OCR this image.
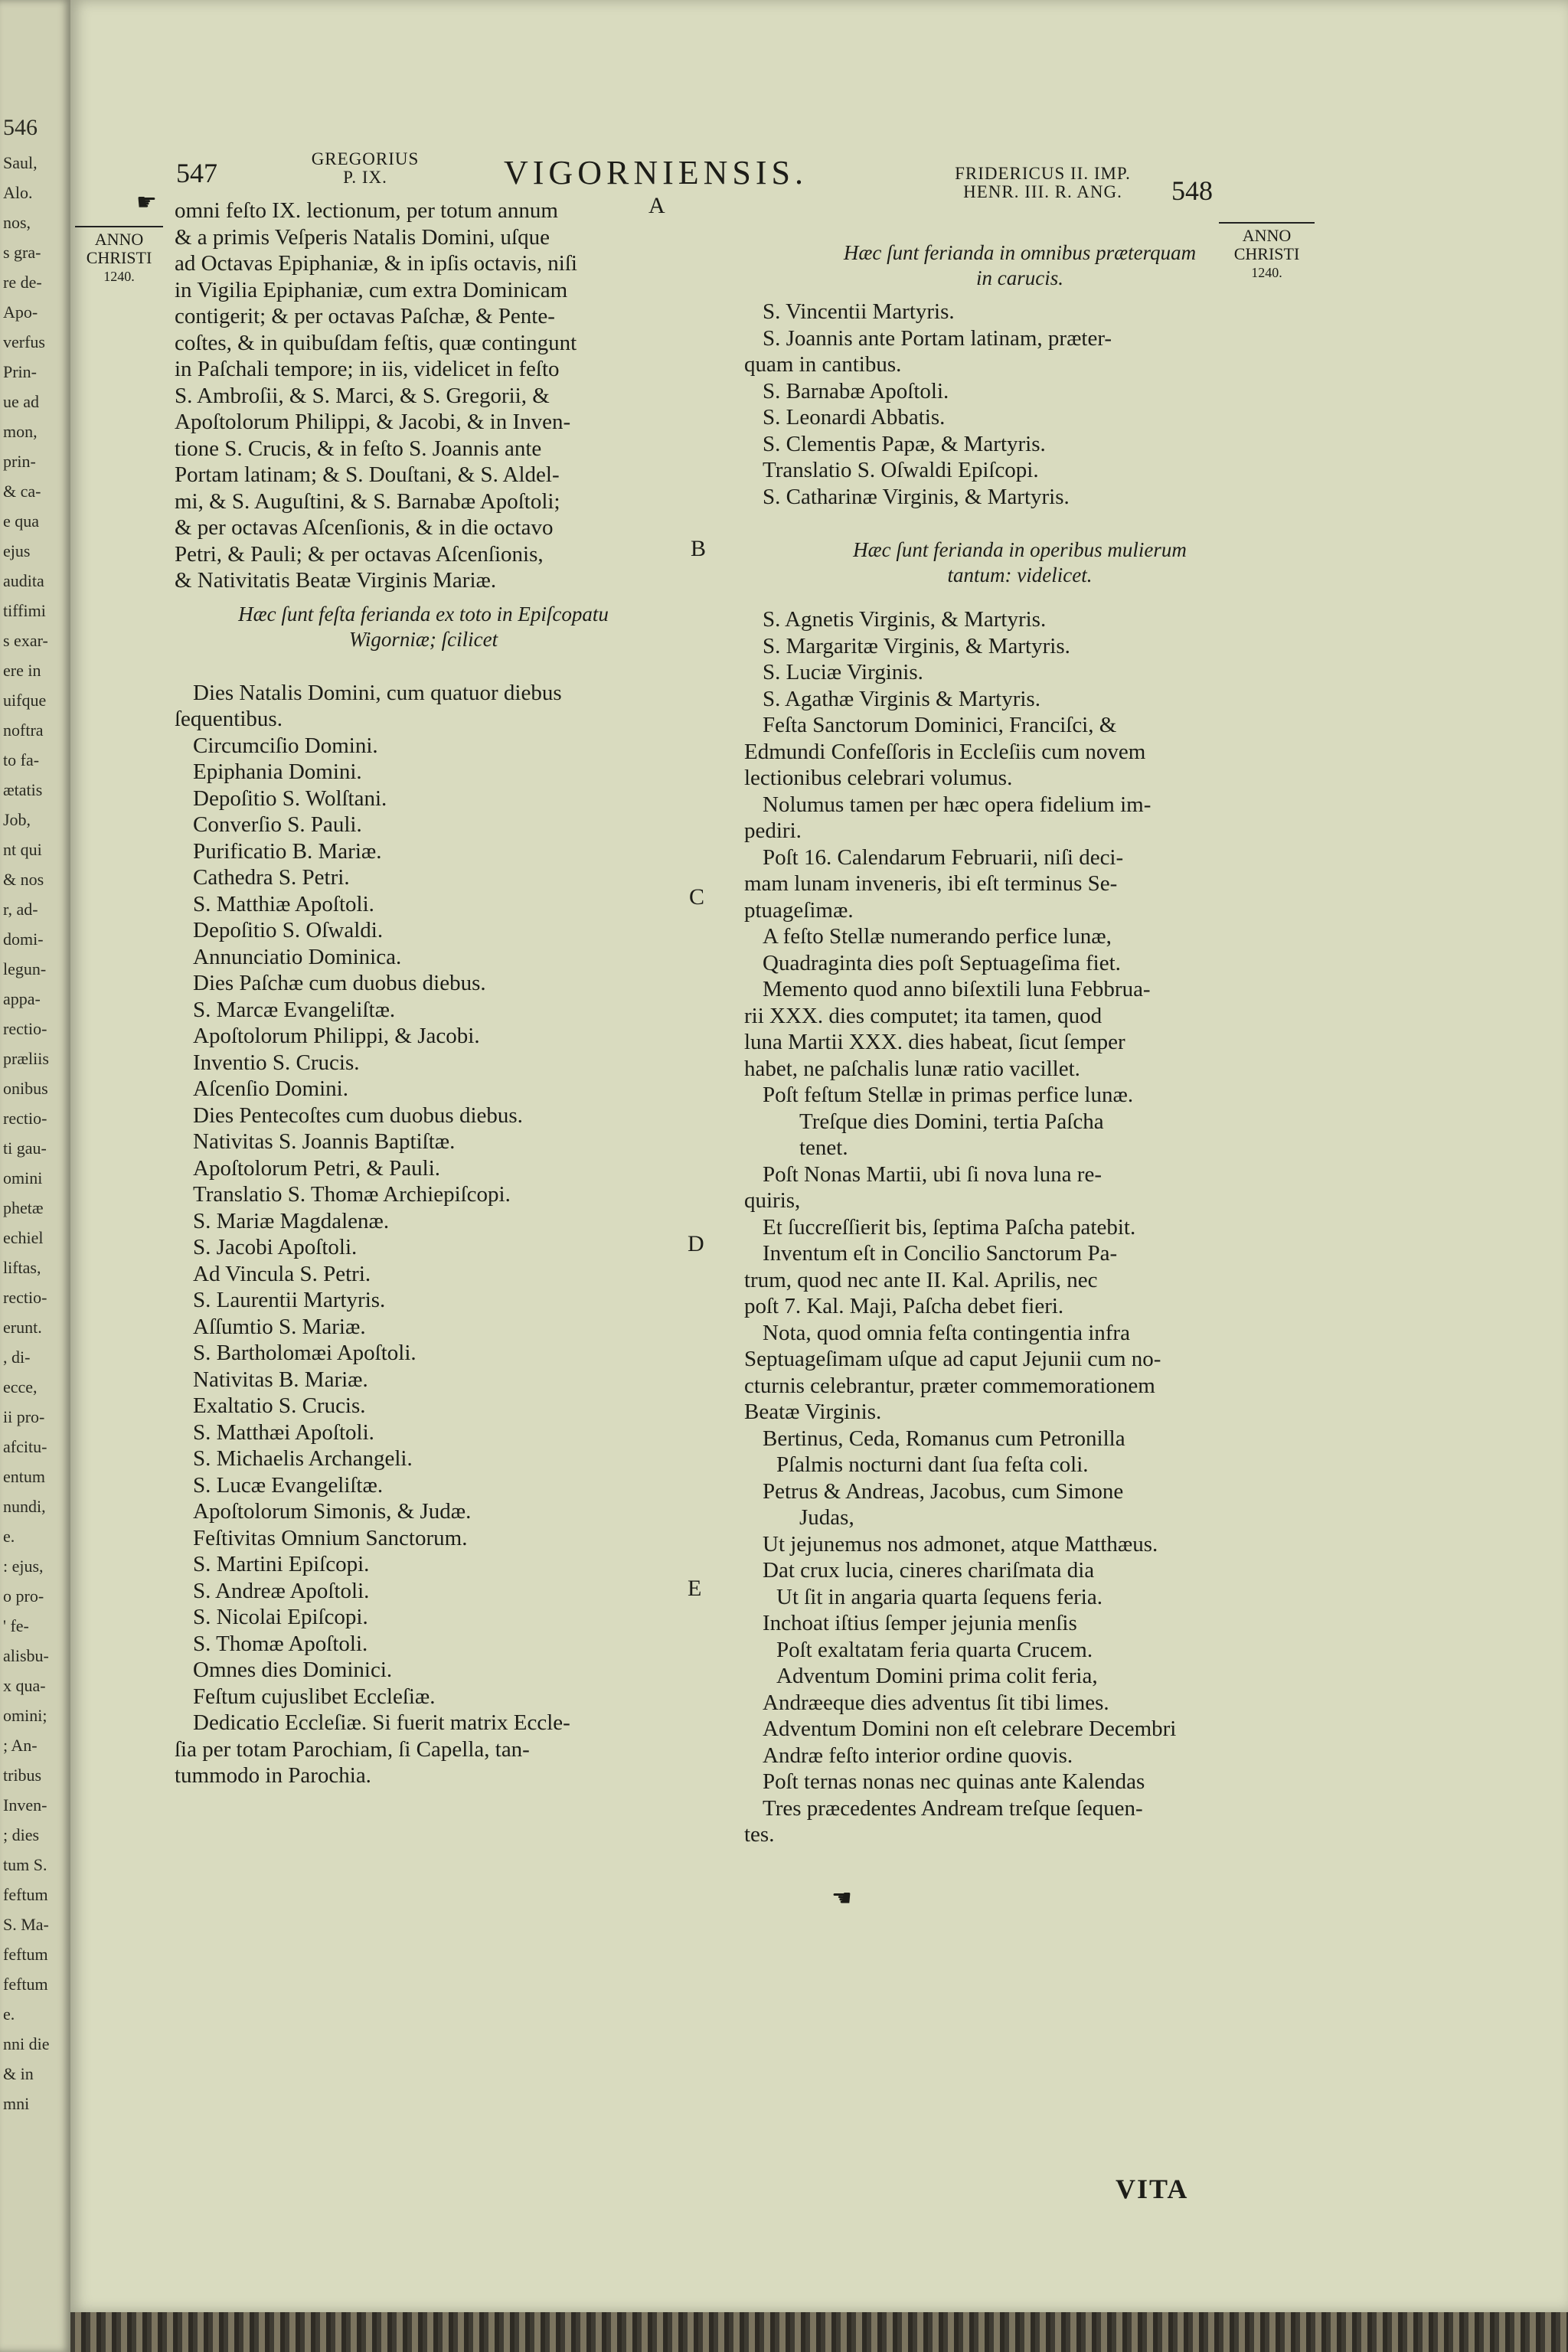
546
Saul,
Alo.
nos,
s gra-
re de-
Apo-
verfus
Prin-
ue ad
mon,
prin-
& ca-
e qua
ejus
audita
tiffimi
s exar-
ere in
uifque
noftra
to fa-
ætatis
Job,
nt qui
& nos
r, ad-
domi-
legun-
appa-
rectio-
præliis
onibus
rectio-
ti gau-
omini
phetæ
echiel
liftas,
rectio-
erunt.
, di-
ecce,
ii pro-
afcitu-
entum
nundi,
e.
: ejus,
o pro-
' fe-
alisbu-
x qua-
omini;
; An-
tribus
Inven-
; dies
tum S.
feftum
S. Ma-
feftum
feftum
e.
nni die
& in
mni
547	GREGORIUS
P. IX.	VIGORNIENSIS.	FRIDERICUS II. IMP.
HENR. III. R. ANG.	548
ANNO
CHRISTI
1240.
ANNO
CHRISTI
1240.
☛	A
B
C
D
E

omni feſto IX. lectionum, per totum annum

& a primis Veſperis Natalis Domini, uſque

ad Octavas Epiphaniæ, & in ipſis octavis, niſi

in Vigilia Epiphaniæ, cum extra Dominicam

contigerit; & per octavas Paſchæ, & Pente-

coſtes, & in quibuſdam feſtis, quæ contingunt

in Paſchali tempore; in iis, videlicet in feſto

S. Ambroſii, & S. Marci, & S. Gregorii, &

Apoſtolorum Philippi, & Jacobi, & in Inven-

tione S. Crucis, & in feſto S. Joannis ante

Portam latinam; & S. Douſtani, & S. Aldel-

mi, & S. Auguſtini, & S. Barnabæ Apoſtoli;

& per octavas Aſcenſionis, & in die octavo

Petri, & Pauli; & per octavas Aſcenſionis,

& Nativitatis Beatæ Virginis Mariæ.

Hæc ſunt feſta ferianda ex toto in Epiſcopatu

Wigorniæ; ſcilicet

Dies Natalis Domini, cum quatuor diebus

ſequentibus.

Circumciſio Domini.

Epiphania Domini.

Depoſitio S. Wolſtani.

Converſio S. Pauli.

Purificatio B. Mariæ.

Cathedra S. Petri.

S. Matthiæ Apoſtoli.

Depoſitio S. Oſwaldi.

Annunciatio Dominica.

Dies Paſchæ cum duobus diebus.

S. Marcæ Evangeliſtæ.

Apoſtolorum Philippi, & Jacobi.

Inventio S. Crucis.

Aſcenſio Domini.

Dies Pentecoſtes cum duobus diebus.

Nativitas S. Joannis Baptiſtæ.

Apoſtolorum Petri, & Pauli.

Translatio S. Thomæ Archiepiſcopi.

S. Mariæ Magdalenæ.

S. Jacobi Apoſtoli.

Ad Vincula S. Petri.

S. Laurentii Martyris.

Aſſumtio S. Mariæ.

S. Bartholomæi Apoſtoli.

Nativitas B. Mariæ.

Exaltatio S. Crucis.

S. Matthæi Apoſtoli.

S. Michaelis Archangeli.

S. Lucæ Evangeliſtæ.

Apoſtolorum Simonis, & Judæ.

Feſtivitas Omnium Sanctorum.

S. Martini Epiſcopi.

S. Andreæ Apoſtoli.

S. Nicolai Epiſcopi.

S. Thomæ Apoſtoli.

Omnes dies Dominici.

Feſtum cujuslibet Eccleſiæ.

Dedicatio Eccleſiæ. Si fuerit matrix Eccle-

ſia per totam Parochiam, ſi Capella, tan-

tummodo in Parochia.

Hæc ſunt ferianda in omnibus præterquam

in carucis.

S. Vincentii Martyris.

S. Joannis ante Portam latinam, præter-

quam in cantibus.

S. Barnabæ Apoſtoli.

S. Leonardi Abbatis.

S. Clementis Papæ, & Martyris.

Translatio S. Oſwaldi Epiſcopi.

S. Catharinæ Virginis, & Martyris.

Hæc ſunt ferianda in operibus mulierum

tantum: videlicet.

S. Agnetis Virginis, & Martyris.

S. Margaritæ Virginis, & Martyris.

S. Luciæ Virginis.

S. Agathæ Virginis & Martyris.

Feſta Sanctorum Dominici, Franciſci, &

Edmundi Confeſſoris in Eccleſiis cum novem

lectionibus celebrari volumus.

Nolumus tamen per hæc opera fidelium im-

pediri.

Poſt 16. Calendarum Februarii, niſi deci-

mam lunam inveneris, ibi eſt terminus Se-

ptuageſimæ.

A feſto Stellæ numerando perfice lunæ,

Quadraginta dies poſt Septuageſima fiet.

Memento quod anno biſextili luna Febbrua-

rii XXX. dies computet; ita tamen, quod

luna Martii XXX. dies habeat, ſicut ſemper

habet, ne paſchalis lunæ ratio vacillet.

Poſt feſtum Stellæ in primas perfice lunæ.

Treſque dies Domini, tertia Paſcha

tenet.

Poſt Nonas Martii, ubi ſi nova luna re-

quiris,

Et ſuccreſſierit bis, ſeptima Paſcha patebit.

Inventum eſt in Concilio Sanctorum Pa-

trum, quod nec ante II. Kal. Aprilis, nec

poſt 7. Kal. Maji, Paſcha debet fieri.

Nota, quod omnia feſta contingentia infra

Septuageſimam uſque ad caput Jejunii cum no-

cturnis celebrantur, præter commemorationem

Beatæ Virginis.

Bertinus, Ceda, Romanus cum Petronilla

Pſalmis nocturni dant ſua feſta coli.

Petrus & Andreas, Jacobus, cum Simone

Judas,

Ut jejunemus nos admonet, atque Matthæus.

Dat crux lucia, cineres chariſmata dia

Ut ſit in angaria quarta ſequens feria.

Inchoat iſtius ſemper jejunia menſis

Poſt exaltatam feria quarta Crucem.

Adventum Domini prima colit feria,

Andræeque dies adventus ſit tibi limes.

Adventum Domini non eſt celebrare Decembri

Andræ feſto interior ordine quovis.

Poſt ternas nonas nec quinas ante Kalendas

Tres præcedentes Andream treſque ſequen-

tes.

☚
VITA
